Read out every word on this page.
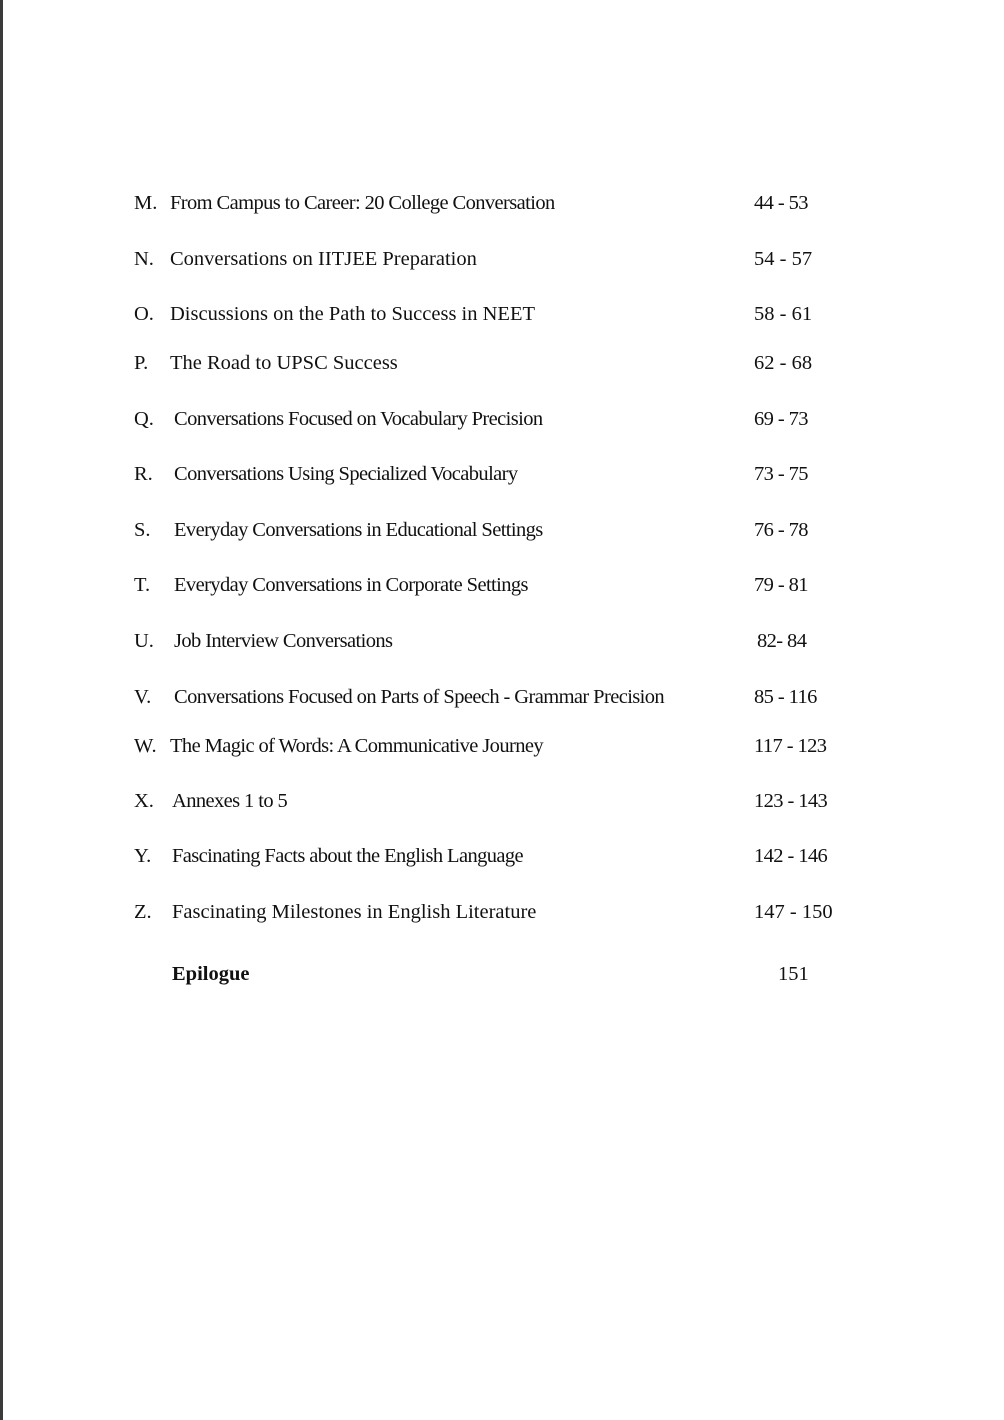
M. From Campus to Career: 20 College Conversation	44 - 53
N. Conversations on IITJEE Preparation	54 - 57
O. Discussions on the Path to Success in NEET	58 - 61
P. The Road to UPSC Success	62 - 68
Q. Conversations Focused on Vocabulary Precision	69 - 73
R. Conversations Using Specialized Vocabulary	73 - 75
S. Everyday Conversations in Educational Settings	76 - 78
T. Everyday Conversations in Corporate Settings	79 - 81
U. Job Interview Conversations	82- 84
V. Conversations Focused on Parts of Speech - Grammar Precision	85 - 116
W. The Magic of Words: A Communicative Journey	117 - 123
X. Annexes 1 to 5	123 - 143
Y. Fascinating Facts about the English Language	142 - 146
Z. Fascinating Milestones in English Literature	147 - 150
Epilogue	151
